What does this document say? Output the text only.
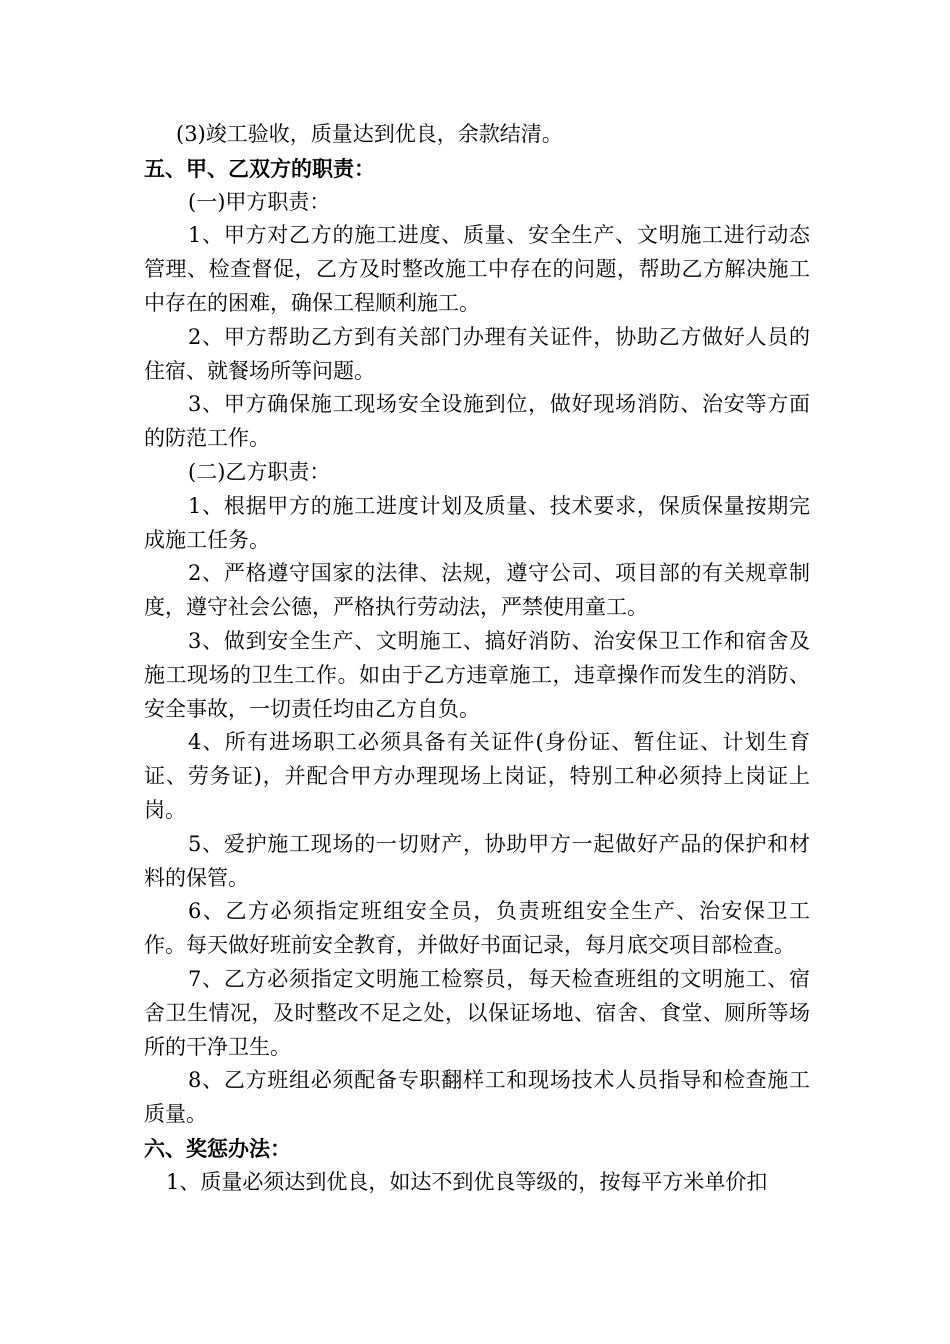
(3)竣工验收，质量达到优良，余款结清。

五、甲、乙双方的职责：

(一)甲方职责：

1、甲方对乙方的施工进度、质量、安全生产、文明施工进行动态管理、检查督促，乙方及时整改施工中存在的问题，帮助乙方解决施工中存在的困难，确保工程顺利施工。

2、甲方帮助乙方到有关部门办理有关证件，协助乙方做好人员的住宿、就餐场所等问题。

3、甲方确保施工现场安全设施到位，做好现场消防、治安等方面的防范工作。

(二)乙方职责：

1、根据甲方的施工进度计划及质量、技术要求，保质保量按期完成施工任务。

2、严格遵守国家的法律、法规，遵守公司、项目部的有关规章制度，遵守社会公德，严格执行劳动法，严禁使用童工。

3、做到安全生产、文明施工、搞好消防、治安保卫工作和宿舍及施工现场的卫生工作。如由于乙方违章施工，违章操作而发生的消防、安全事故，一切责任均由乙方自负。

4、所有进场职工必须具备有关证件(身份证、暂住证、计划生育证、劳务证)，并配合甲方办理现场上岗证，特别工种必须持上岗证上岗。

5、爱护施工现场的一切财产，协助甲方一起做好产品的保护和材料的保管。

6、乙方必须指定班组安全员，负责班组安全生产、治安保卫工作。每天做好班前安全教育，并做好书面记录，每月底交项目部检查。

7、乙方必须指定文明施工检察员，每天检查班组的文明施工、宿舍卫生情况，及时整改不足之处，以保证场地、宿舍、食堂、厕所等场所的干净卫生。

8、乙方班组必须配备专职翻样工和现场技术人员指导和检查施工质量。

六、奖惩办法：

1、质量必须达到优良，如达不到优良等级的，按每平方米单价扣
